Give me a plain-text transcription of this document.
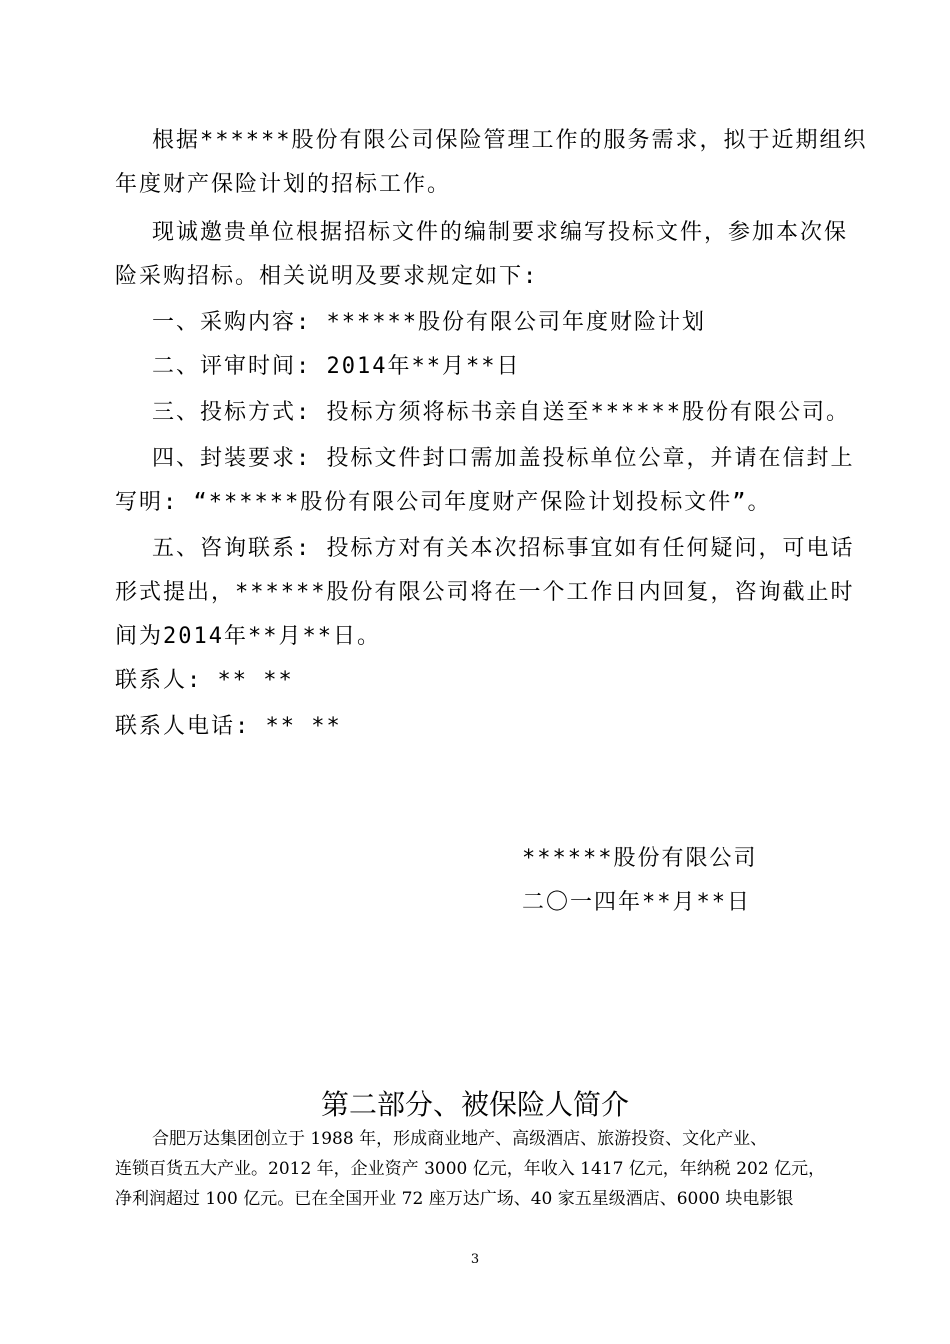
根据******股份有限公司保险管理工作的服务需求，拟于近期组织
年度财产保险计划的招标工作。
现诚邀贵单位根据招标文件的编制要求编写投标文件，参加本次保
险采购招标。相关说明及要求规定如下:
一、采购内容: ******股份有限公司年度财险计划
二、评审时间: 2014年**月**日
三、投标方式: 投标方须将标书亲自送至******股份有限公司。
四、封装要求: 投标文件封口需加盖投标单位公章，并请在信封上
写明: “******股份有限公司年度财产保险计划投标文件”。
五、咨询联系: 投标方对有关本次招标事宜如有任何疑问，可电话
形式提出，******股份有限公司将在一个工作日内回复，咨询截止时
间为2014年**月**日。
联系人: ** **
联系人电话: ** **
******股份有限公司
二〇一四年**月**日
第二部分、被保险人简介
合肥万达集团创立于 1988 年，形成商业地产、高级酒店、旅游投资、文化产业、
连锁百货五大产业。2012 年，企业资产 3000 亿元，年收入 1417 亿元，年纳税 202 亿元，
净利润超过 100 亿元。已在全国开业 72 座万达广场、40 家五星级酒店、6000 块电影银
3
